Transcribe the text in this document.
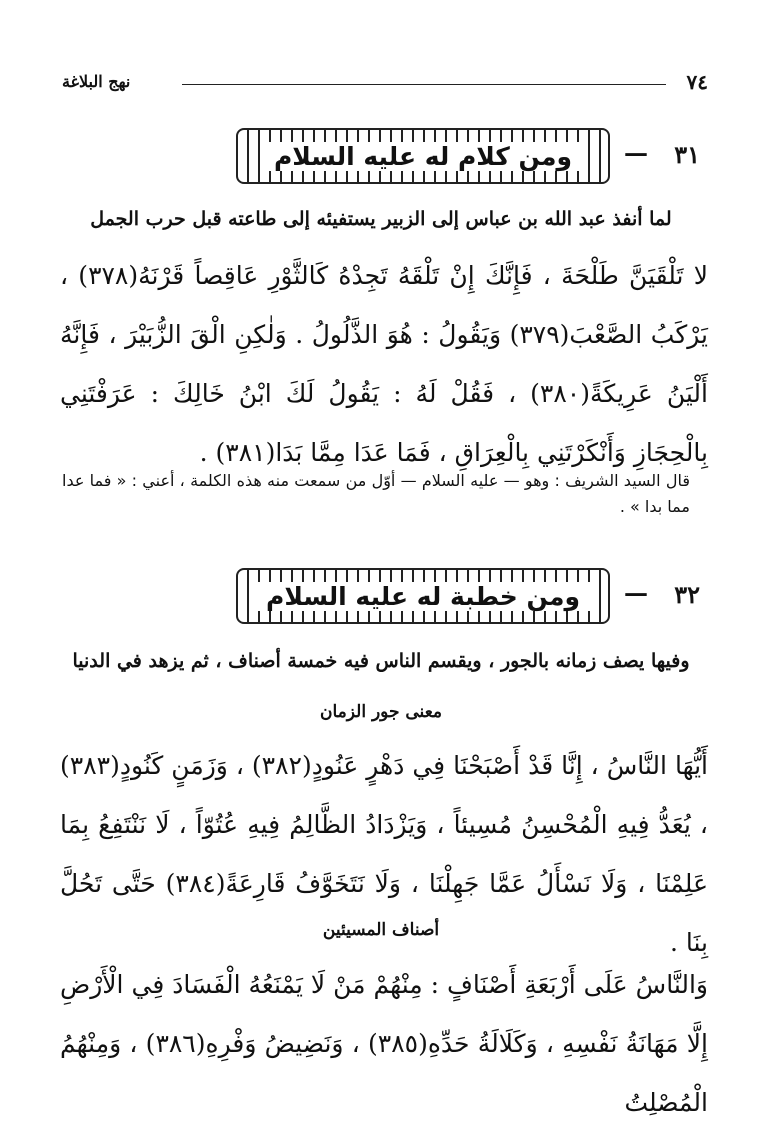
٧٤
نهج البلاغة
٣١
—
ومن كلام له عليه السلام
لما أنفذ عبد الله بن عباس إلى الزبير يستفيئه إلى طاعته قبل حرب الجمل
لا تَلْقَيَنَّ طَلْحَةَ ، فَإِنَّكَ إِنْ تَلْقَهُ تَجِدْهُ كَالثَّوْرِ عَاقِصاً قَرْنَهُ(٣٧٨) ، يَرْكَبُ الصَّعْبَ(٣٧٩) وَيَقُولُ : هُوَ الذَّلُولُ . وَلٰكِنِ الْقَ الزُّبَيْرَ ، فَإِنَّهُ أَلْيَنُ عَرِيكَةً(٣٨٠) ، فَقُلْ لَهُ : يَقُولُ لَكَ ابْنُ خَالِكَ : عَرَفْتَنِي بِالْحِجَازِ وَأَنْكَرْتَنِي بِالْعِرَاقِ ، فَمَا عَدَا مِمَّا بَدَا(٣٨١) .
قال السيد الشريف : وهو — عليه السلام — أوّل من سمعت منه هذه الكلمة ، أعني : « فما عدا مما بدا » .
٣٢
—
ومن خطبة له عليه السلام
وفيها يصف زمانه بالجور ، ويقسم الناس فيه خمسة أصناف ، ثم يزهد في الدنيا
معنى جور الزمان
أَيُّهَا النَّاسُ ، إِنَّا قَدْ أَصْبَحْنَا فِي دَهْرٍ عَنُودٍ(٣٨٢) ، وَزَمَنٍ كَنُودٍ(٣٨٣) ، يُعَدُّ فِيهِ الْمُحْسِنُ مُسِيئاً ، وَيَزْدَادُ الظَّالِمُ فِيهِ عُتُوّاً ، لَا نَنْتَفِعُ بِمَا عَلِمْنَا ، وَلَا نَسْأَلُ عَمَّا جَهِلْنَا ، وَلَا نَتَخَوَّفُ قَارِعَةً(٣٨٤) حَتَّى تَحُلَّ بِنَا .
أصناف المسيئين
وَالنَّاسُ عَلَى أَرْبَعَةِ أَصْنَافٍ : مِنْهُمْ مَنْ لَا يَمْنَعُهُ الْفَسَادَ فِي الْأَرْضِ إِلَّا مَهَانَةُ نَفْسِهِ ، وَكَلَالَةُ حَدِّهِ(٣٨٥) ، وَنَضِيضُ وَفْرِهِ(٣٨٦) ، وَمِنْهُمُ الْمُصْلِتُ
